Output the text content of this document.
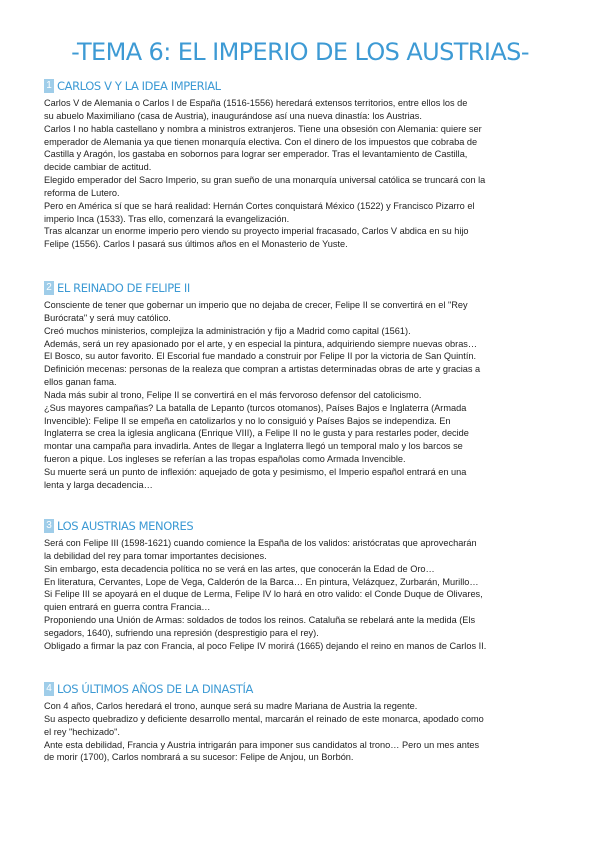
-TEMA 6: EL IMPERIO DE LOS AUSTRIAS-
1 CARLOS V Y LA IDEA IMPERIAL

Carlos V de Alemania o Carlos I de España (1516-1556) heredará extensos territorios, entre ellos los de

su abuelo Maximiliano (casa de Austria), inaugurándose así una nueva dinastía: los Austrias.

Carlos I no habla castellano y nombra a ministros extranjeros. Tiene una obsesión con Alemania: quiere ser

emperador de Alemania ya que tienen monarquía electiva. Con el dinero de los impuestos que cobraba de

Castilla y Aragón, los gastaba en sobornos para lograr ser emperador. Tras el levantamiento de Castilla,

decide cambiar de actitud.

Elegido emperador del Sacro Imperio, su gran sueño de una monarquía universal católica se truncará con la

reforma de Lutero.

Pero en América sí que se hará realidad: Hernán Cortes conquistará México (1522) y Francisco Pizarro el

imperio Inca (1533). Tras ello, comenzará la evangelización.

Tras alcanzar un enorme imperio pero viendo su proyecto imperial fracasado, Carlos V abdica en su hijo

Felipe (1556). Carlos I pasará sus últimos años en el Monasterio de Yuste.

2 EL REINADO DE FELIPE II

Consciente de tener que gobernar un imperio que no dejaba de crecer, Felipe II se convertirá en el "Rey

Burócrata" y será muy católico.

Creó muchos ministerios, complejiza la administración y fijo a Madrid como capital (1561).

Además, será un rey apasionado por el arte, y en especial la pintura, adquiriendo siempre nuevas obras…

El Bosco, su autor favorito. El Escorial fue mandado a construir por Felipe II por la victoria de San Quintín.

Definición mecenas: personas de la realeza que compran a artistas determinadas obras de arte y gracias a

ellos ganan fama.

Nada más subir al trono, Felipe II se convertirá en el más fervoroso defensor del catolicismo.

¿Sus mayores campañas? La batalla de Lepanto (turcos otomanos), Países Bajos e Inglaterra (Armada

Invencible): Felipe II se empeña en catolizarlos y no lo consiguió y Países Bajos se independiza. En

Inglaterra se crea la iglesia anglicana (Enrique VIII), a Felipe II no le gusta y para restarles poder, decide

montar una campaña para invadirla. Antes de llegar a Inglaterra llegó un temporal malo y los barcos se

fueron a pique. Los ingleses se referían a las tropas españolas como Armada Invencible.

Su muerte será un punto de inflexión: aquejado de gota y pesimismo, el Imperio español entrará en una

lenta y larga decadencia…

3 LOS AUSTRIAS MENORES

Será con Felipe III (1598-1621) cuando comience la España de los validos: aristócratas que aprovecharán

la debilidad del rey para tomar importantes decisiones.

Sin embargo, esta decadencia política no se verá en las artes, que conocerán la Edad de Oro…

En literatura, Cervantes, Lope de Vega, Calderón de la Barca… En pintura, Velázquez, Zurbarán, Murillo…

Si Felipe III se apoyará en el duque de Lerma, Felipe IV lo hará en otro valido: el Conde Duque de Olivares,

quien entrará en guerra contra Francia…

Proponiendo una Unión de Armas: soldados de todos los reinos. Cataluña se rebelará ante la medida (Els

segadors, 1640), sufriendo una represión (desprestigio para el rey).

Obligado a firmar la paz con Francia, al poco Felipe IV morirá (1665) dejando el reino en manos de Carlos II.

4 LOS ÚLTIMOS AÑOS DE LA DINASTÍA

Con 4 años, Carlos heredará el trono, aunque será su madre Mariana de Austria la regente.

Su aspecto quebradizo y deficiente desarrollo mental, marcarán el reinado de este monarca, apodado como

el rey "hechizado".

Ante esta debilidad, Francia y Austria intrigarán para imponer sus candidatos al trono… Pero un mes antes

de morir (1700), Carlos nombrará a su sucesor: Felipe de Anjou, un Borbón.
